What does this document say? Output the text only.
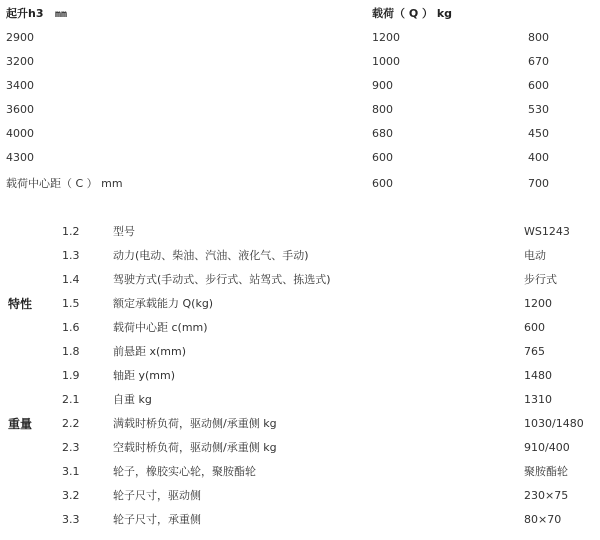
起升h3 mm	载荷（ Q ） kg
2900	1200	800
3200	1000	670
3400	900	600
3600	800	530
4000	680	450
4300	600	400
载荷中心距（ C ） mm	600	700
特性
重量
1.2	型号	WS1243
1.3	动力(电动、柴油、汽油、液化气、手动)	电动
1.4	驾驶方式(手动式、步行式、站驾式、拣选式)	步行式
1.5	额定承载能力 Q(kg)	1200
1.6	载荷中心距 c(mm)	600
1.8	前悬距 x(mm)	765
1.9	轴距 y(mm)	1480
2.1	自重 kg	1310
2.2	满载时桥负荷，驱动侧/承重侧 kg	1030/1480
2.3	空载时桥负荷，驱动侧/承重侧 kg	910/400
3.1	轮子，橡胶实心轮，聚胺酯轮	聚胺酯轮
3.2	轮子尺寸，驱动侧	230×75
3.3	轮子尺寸，承重侧	80×70
